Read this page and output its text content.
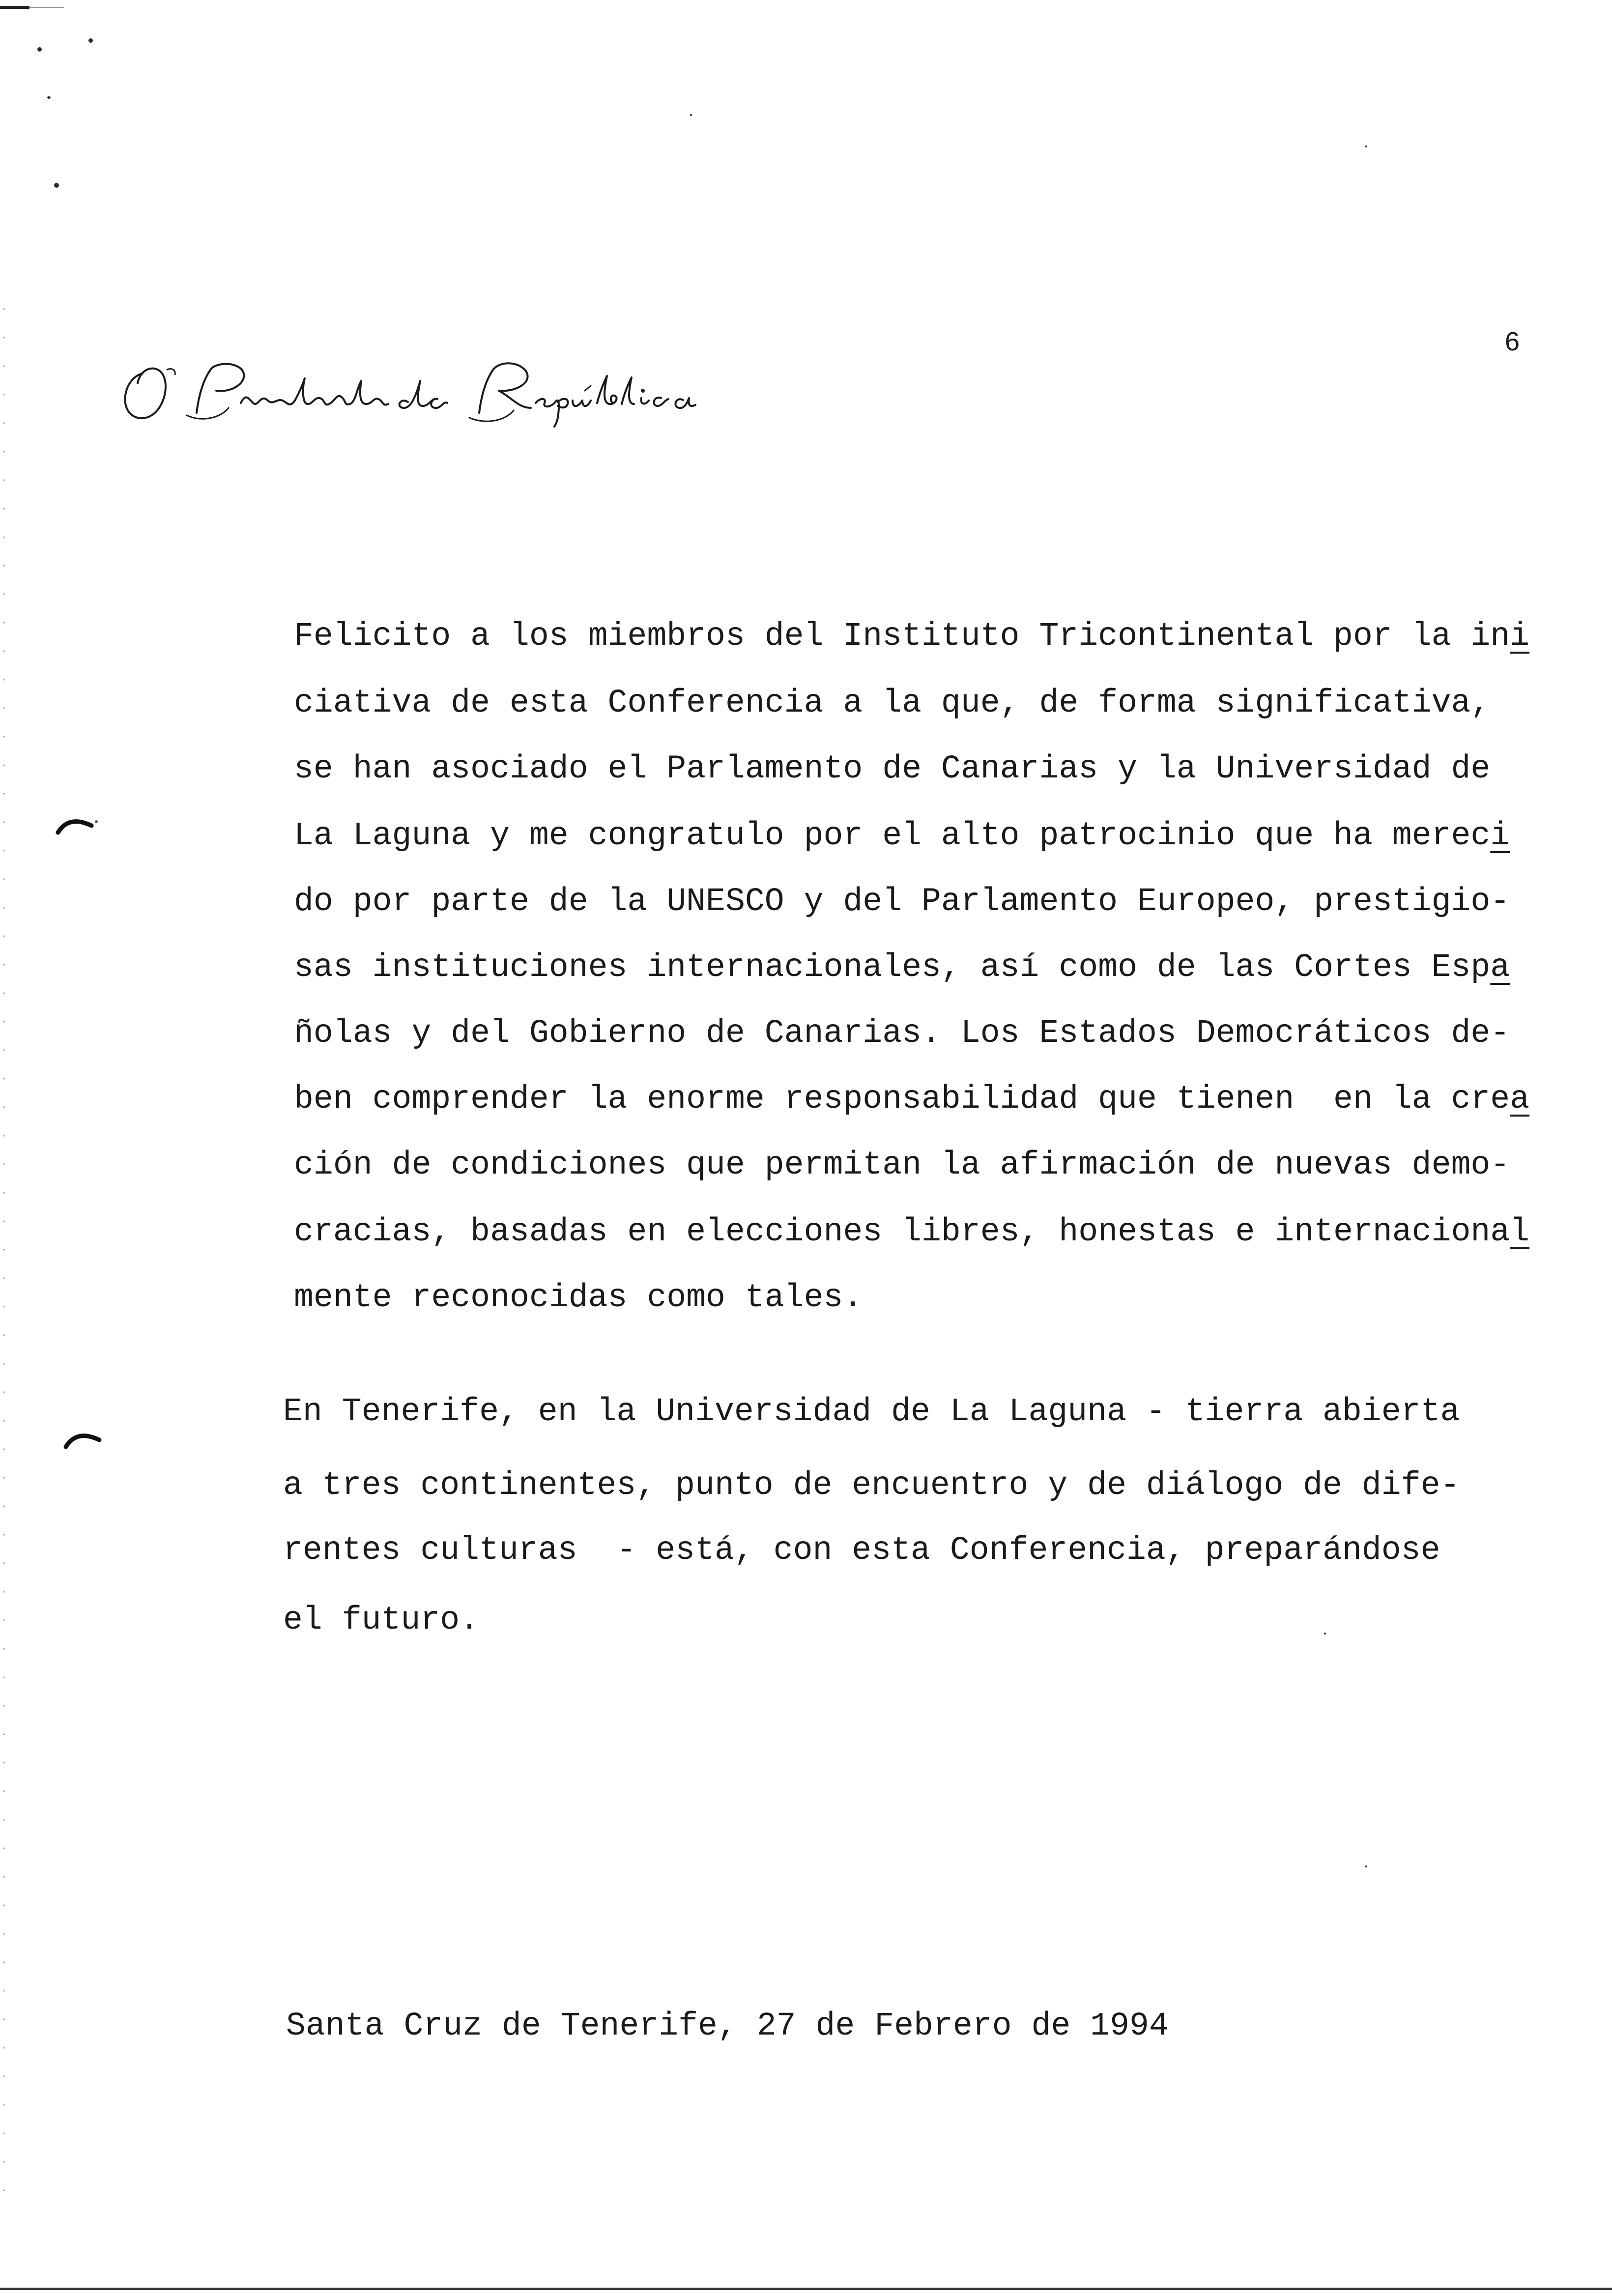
6
Felicito a los miembros del Instituto Tricontinental por la ini
ciativa de esta Conferencia a la que, de forma significativa,
se han asociado el Parlamento de Canarias y la Universidad de
La Laguna y me congratulo por el alto patrocinio que ha mereci
do por parte de la UNESCO y del Parlamento Europeo, prestigio-
sas instituciones internacionales, así como de las Cortes Espa
ñolas y del Gobierno de Canarias. Los Estados Democráticos de-
ben comprender la enorme responsabilidad que tienen  en la crea
ción de condiciones que permitan la afirmación de nuevas demo-
cracias, basadas en elecciones libres, honestas e internacional
mente reconocidas como tales.
En Tenerife, en la Universidad de La Laguna - tierra abierta
a tres continentes, punto de encuentro y de diálogo de dife-
rentes culturas  - está, con esta Conferencia, preparándose
el futuro.
Santa Cruz de Tenerife, 27 de Febrero de 1994
